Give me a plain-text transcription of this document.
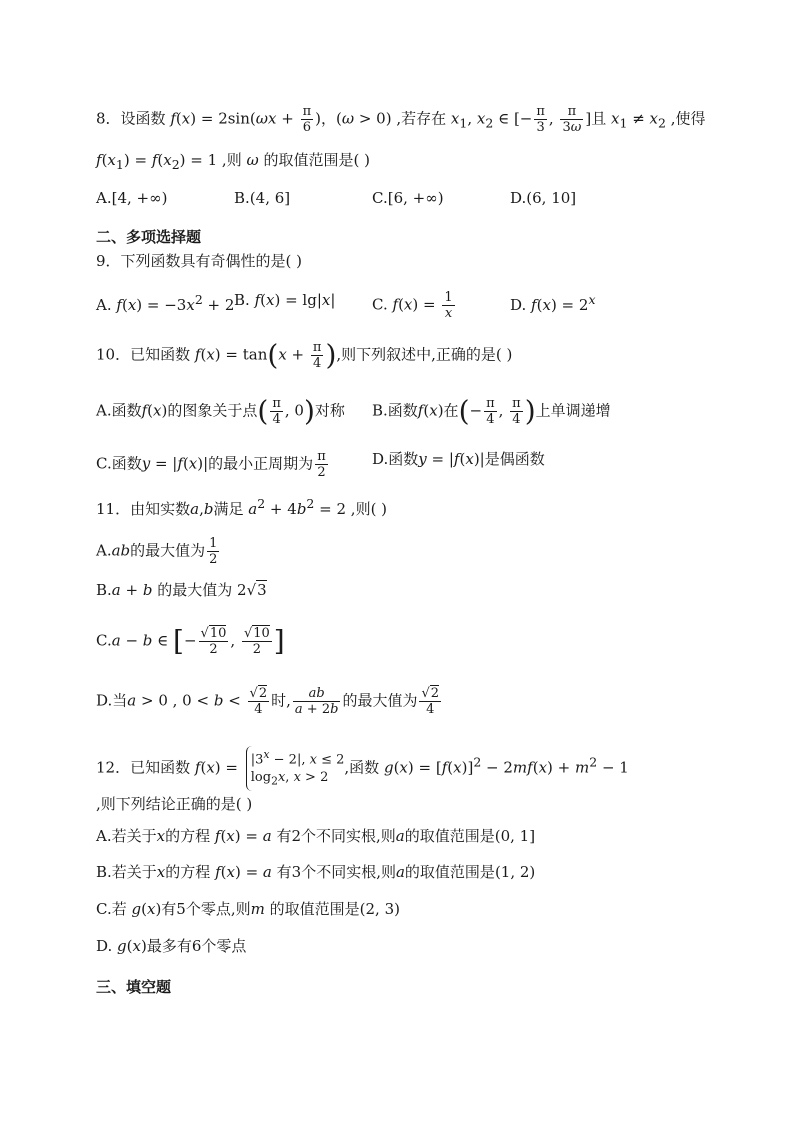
8．设函数 $f(x) = 2\sin(\omega x + \frac{\pi}{6}$ )，(ω > 0) ,若存在 $x_1$, $x_2$ ∈ [− $\frac{\pi}{3}$ , $\frac{\pi}{3\omega}$ ]且 $x_1 \ne x_2$ ,使得
$f(x_1) = f(x_2) = 1$ ,则 ω 的取值范围是( )
A.[4, +∞)	B.(4, 6]	C.[6, +∞)	D.(6, 10]
二、多项选择题
9．下列函数具有奇偶性的是( )
A. $f(x) = -3x^2 + 2$ B. f(x) = lg|x| C. $f(x) = \frac{1}{x}$	D. $f(x) = 2^x$
10．已知函数 $f(x) = \tan(x + \frac{\pi}{4}$ ),则下列叙述中,正确的是( )
A.函数f(x)的图象关于点( $\frac{\pi}{4}$ , 0)对称 B.函数f(x)在(− $\frac{\pi}{4}$ , $\frac{\pi}{4}$ )上单调递增
C.函数y = |f(x)|的最小正周期为 $\frac{\pi}{2}$	D.函数y = |f(x)|是偶函数
11．由知实数a,b满足 $a^2 + 4b^2 = 2$ ,则( )
A.ab的最大值为 $\frac{1}{2}$
B.a + b 的最大值为 2√3
C.a − b ∈ [− $\frac{√10}{2}$ , $\frac{√10}{2}$ ]
D.当a > 0 , $0 < b < \frac{√2}{4}$ 时, $\frac{ab}{a + 2b}$ 的最大值为 $\frac{√2}{4}$
12．已知函数 $f(x) = |3^x - 2|$, x ≤ 2
$\log_2x$, x > 2
,函数 $g(x) = [f(x)]^2 - 2mf(x) + m^2 - 1$
,则下列结论正确的是( )
A.若关于x的方程 f(x) = a 有2个不同实根,则a的取值范围是(0, 1]
B.若关于x的方程 f(x) = a 有3个不同实根,则a的取值范围是(1, 2)
C.若 g(x)有5个零点,则m 的取值范围是(2, 3)
D. g(x)最多有6个零点
三、填空题
